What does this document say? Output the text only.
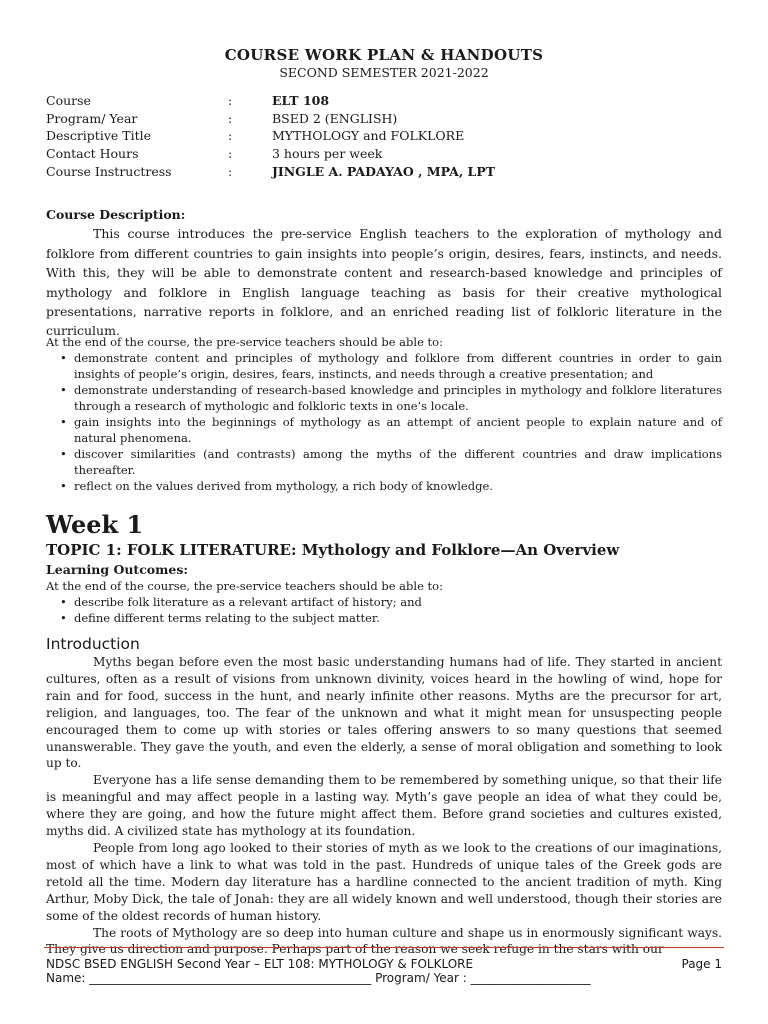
COURSE WORK PLAN & HANDOUTS
SECOND SEMESTER 2021-2022
Course	:	ELT 108
Program/ Year	:	BSED 2 (ENGLISH)
Descriptive Title	:	MYTHOLOGY and FOLKLORE
Contact Hours	:	3 hours per week
Course Instructress	:	JINGLE A. PADAYAO , MPA, LPT
Course Description:

This course introduces the pre-service English teachers to the exploration of mythology and folklore from different countries to gain insights into people’s origin, desires, fears, instincts, and needs. With this, they will be able to demonstrate content and research-based knowledge and principles of mythology and folklore in English language teaching as basis for their creative mythological presentations, narrative reports in folklore, and an enriched reading list of folkloric literature in the curriculum.

At the end of the course, the pre-service teachers should be able to:
• demonstrate content and principles of mythology and folklore from different countries in order to gain insights of people’s origin, desires, fears, instincts, and needs through a creative presentation; and
• demonstrate understanding of research-based knowledge and principles in mythology and folklore literatures through a research of mythologic and folkloric texts in one’s locale.
• gain insights into the beginnings of mythology as an attempt of ancient people to explain nature and of natural phenomena.
• discover similarities (and contrasts) among the myths of the different countries and draw implications thereafter.
• reflect on the values derived from mythology, a rich body of knowledge.
Week 1
TOPIC 1: FOLK LITERATURE: Mythology and Folklore—An Overview
Learning Outcomes:
At the end of the course, the pre-service teachers should be able to:
• describe folk literature as a relevant artifact of history; and
• define different terms relating to the subject matter.
Introduction

Myths began before even the most basic understanding humans had of life. They started in ancient cultures, often as a result of visions from unknown divinity, voices heard in the howling of wind, hope for rain and for food, success in the hunt, and nearly infinite other reasons. Myths are the precursor for art, religion, and languages, too. The fear of the unknown and what it might mean for unsuspecting people encouraged them to come up with stories or tales offering answers to so many questions that seemed unanswerable. They gave the youth, and even the elderly, a sense of moral obligation and something to look up to.

Everyone has a life sense demanding them to be remembered by something unique, so that their life is meaningful and may affect people in a lasting way. Myth’s gave people an idea of what they could be, where they are going, and how the future might affect them. Before grand societies and cultures existed, myths did. A civilized state has mythology at its foundation.

People from long ago looked to their stories of myth as we look to the creations of our imaginations, most of which have a link to what was told in the past. Hundreds of unique tales of the Greek gods are retold all the time. Modern day literature has a hardline connected to the ancient tradition of myth. King Arthur, Moby Dick, the tale of Jonah: they are all widely known and well understood, though their stories are some of the oldest records of human history.

The roots of Mythology are so deep into human culture and shape us in enormously significant ways. They give us direction and purpose. Perhaps part of the reason we seek refuge in the stars with our

NDSC BSED ENGLISH Second Year – ELT 108: MYTHOLOGY & FOLKLORE	Page 1
Name: _______________________________________________ Program/ Year : ____________________
